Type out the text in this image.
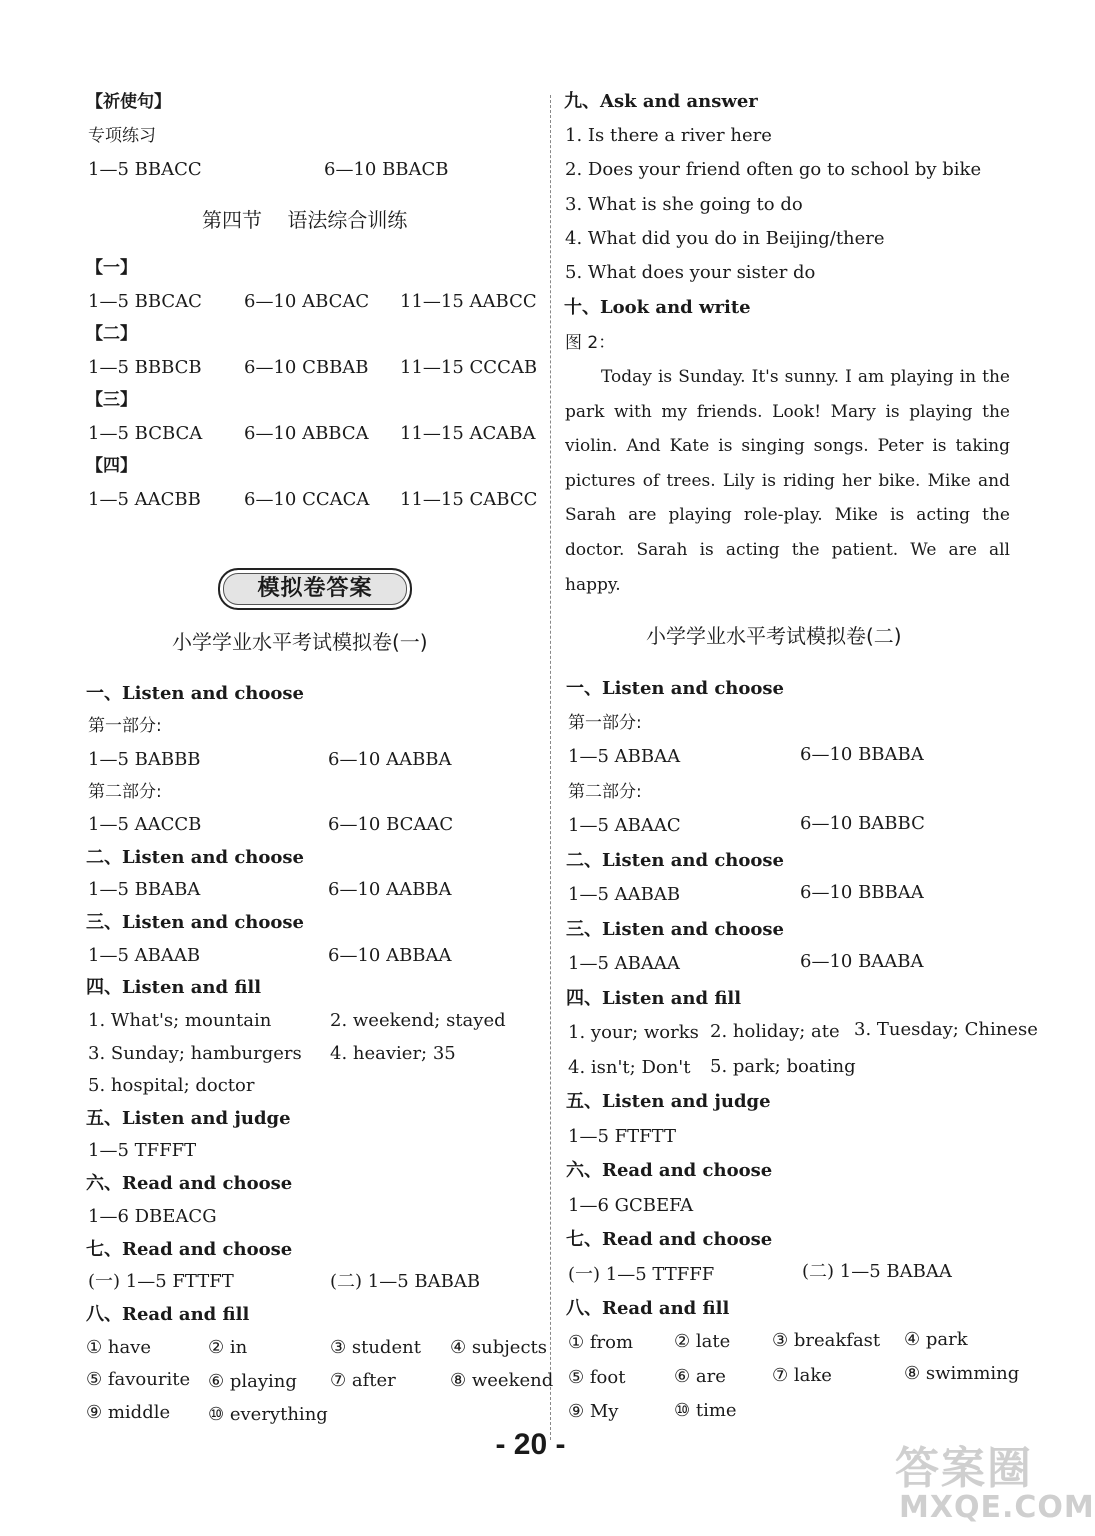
【祈使句】
专项练习
1—5 BBACC	6—10 BBACB
第四节    语法综合训练
【一】
1—5 BBCAC 6—10 ABCAC 11—15 AABCC
【二】
1—5 BBBCB 6—10 CBBAB 11—15 CCCAB
【三】
1—5 BCBCA 6—10 ABBCA 11—15 ACABA
【四】
1—5 AACBB 6—10 CCACA 11—15 CABCC
模拟卷答案
小学学业水平考试模拟卷(一)
一、Listen and choose
第一部分:
1—5 BABBB	6—10 AABBA
第二部分:
1—5 AACCB	6—10 BCAAC
二、Listen and choose
1—5 BBABA	6—10 AABBA
三、Listen and choose
1—5 ABAAB	6—10 ABBAA
四、Listen and fill
1. What's; mountain	2. weekend; stayed
3. Sunday; hamburgers 4. heavier; 35
5. hospital; doctor
五、Listen and judge
1—5 TFFFT
六、Read and choose
1—6 DBEACG
七、Read and choose
(一) 1—5 FTTFT	(二) 1—5 BABAB
八、Read and fill
① have	② in	③ student ④ subjects
⑤ favourite ⑥ playing ⑦ after	⑧ weekend
⑨ middle ⑩ everything
九、Ask and answer
1. Is there a river here
2. Does your friend often go to school by bike
3. What is she going to do
4. What did you do in Beijing/there
5. What does your sister do
十、Look and write
图 2：
Today is Sunday. It's sunny. I am playing in the park with my friends. Look! Mary is playing the violin. And Kate is singing songs. Peter is taking pictures of trees. Lily is riding her bike. Mike and Sarah are playing role-play. Mike is acting the doctor. Sarah is acting the patient. We are all happy.
小学学业水平考试模拟卷(二)
一、Listen and choose
第一部分:
1—5 ABBAA	6—10 BBABA
第二部分:
1—5 ABAAC	6—10 BABBC
二、Listen and choose
1—5 AABAB	6—10 BBBAA
三、Listen and choose
1—5 ABAAA	6—10 BAABA
四、Listen and fill
1. your; works 2. holiday; ate 3. Tuesday; Chinese
4. isn't; Don't 5. park; boating
五、Listen and judge
1—5 FTFTT
六、Read and choose
1—6 GCBEFA
七、Read and choose
(一) 1—5 TTFFF	(二) 1—5 BABAA
八、Read and fill
① from ② late ③ breakfast ④ park
⑤ foot	⑥ are	⑦ lake	⑧ swimming
⑨ My	⑩ time
- 20 -	答案圈
MXQE.COM
